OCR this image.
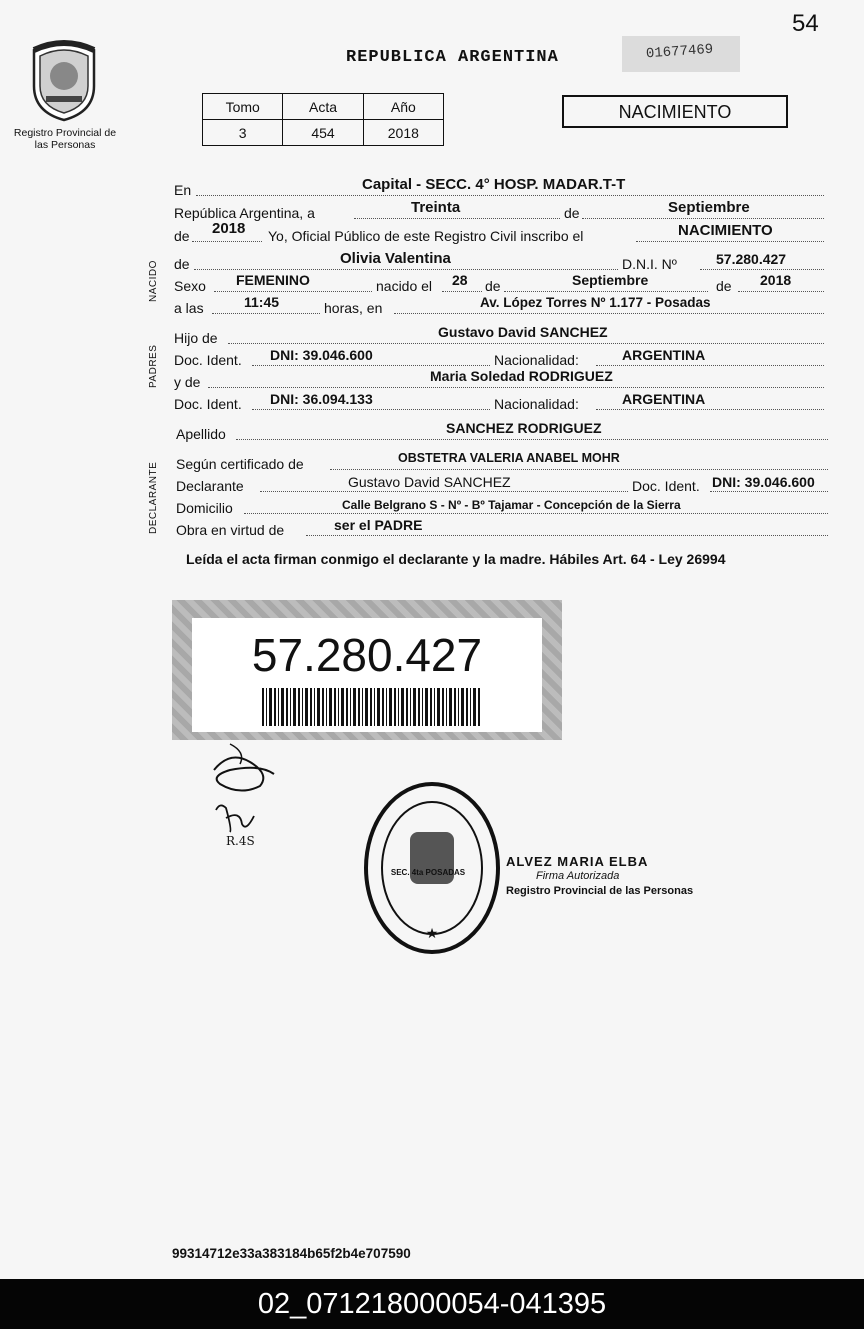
54
Registro Provincial de las Personas
REPUBLICA ARGENTINA	01677469
Tomo	Acta	Año
3	454	2018
NACIMIENTO
NACIDO
PADRES
DECLARANTE
En	Capital - SECC. 4° HOSP. MADAR.T-T
República Argentina, a	Treinta	de	Septiembre
de 2018 Yo, Oficial Público de este Registro Civil inscribo el	NACIMIENTO
de	Olivia Valentina	D.N.I. Nº	57.280.427
Sexo FEMENINO	nacido el 28 de	Septiembre	de 2018
a las	11:45	horas, en	Av. López Torres Nº 1.177 - Posadas
Hijo de	Gustavo David SANCHEZ
Doc. Ident. DNI: 39.046.600	Nacionalidad:	ARGENTINA
y de	Maria Soledad RODRIGUEZ
Doc. Ident. DNI: 36.094.133	Nacionalidad:	ARGENTINA
Apellido	SANCHEZ RODRIGUEZ
Según certificado de	OBSTETRA VALERIA ANABEL MOHR
Declarante	Gustavo David SANCHEZ	Doc. Ident. DNI: 39.046.600
Domicilio	Calle Belgrano S - Nº - Bº Tajamar - Concepción de la Sierra
Obra en virtud de	ser el PADRE
Leída el acta firman conmigo el declarante y la madre. Hábiles Art. 64 - Ley 26994
57.280.427
R.4S
★
SEC. 4ta POSADAS
ALVEZ MARIA ELBA
Firma Autorizada
Registro Provincial de las Personas
99314712e33a383184b65f2b4e707590
02_071218000054-041395
